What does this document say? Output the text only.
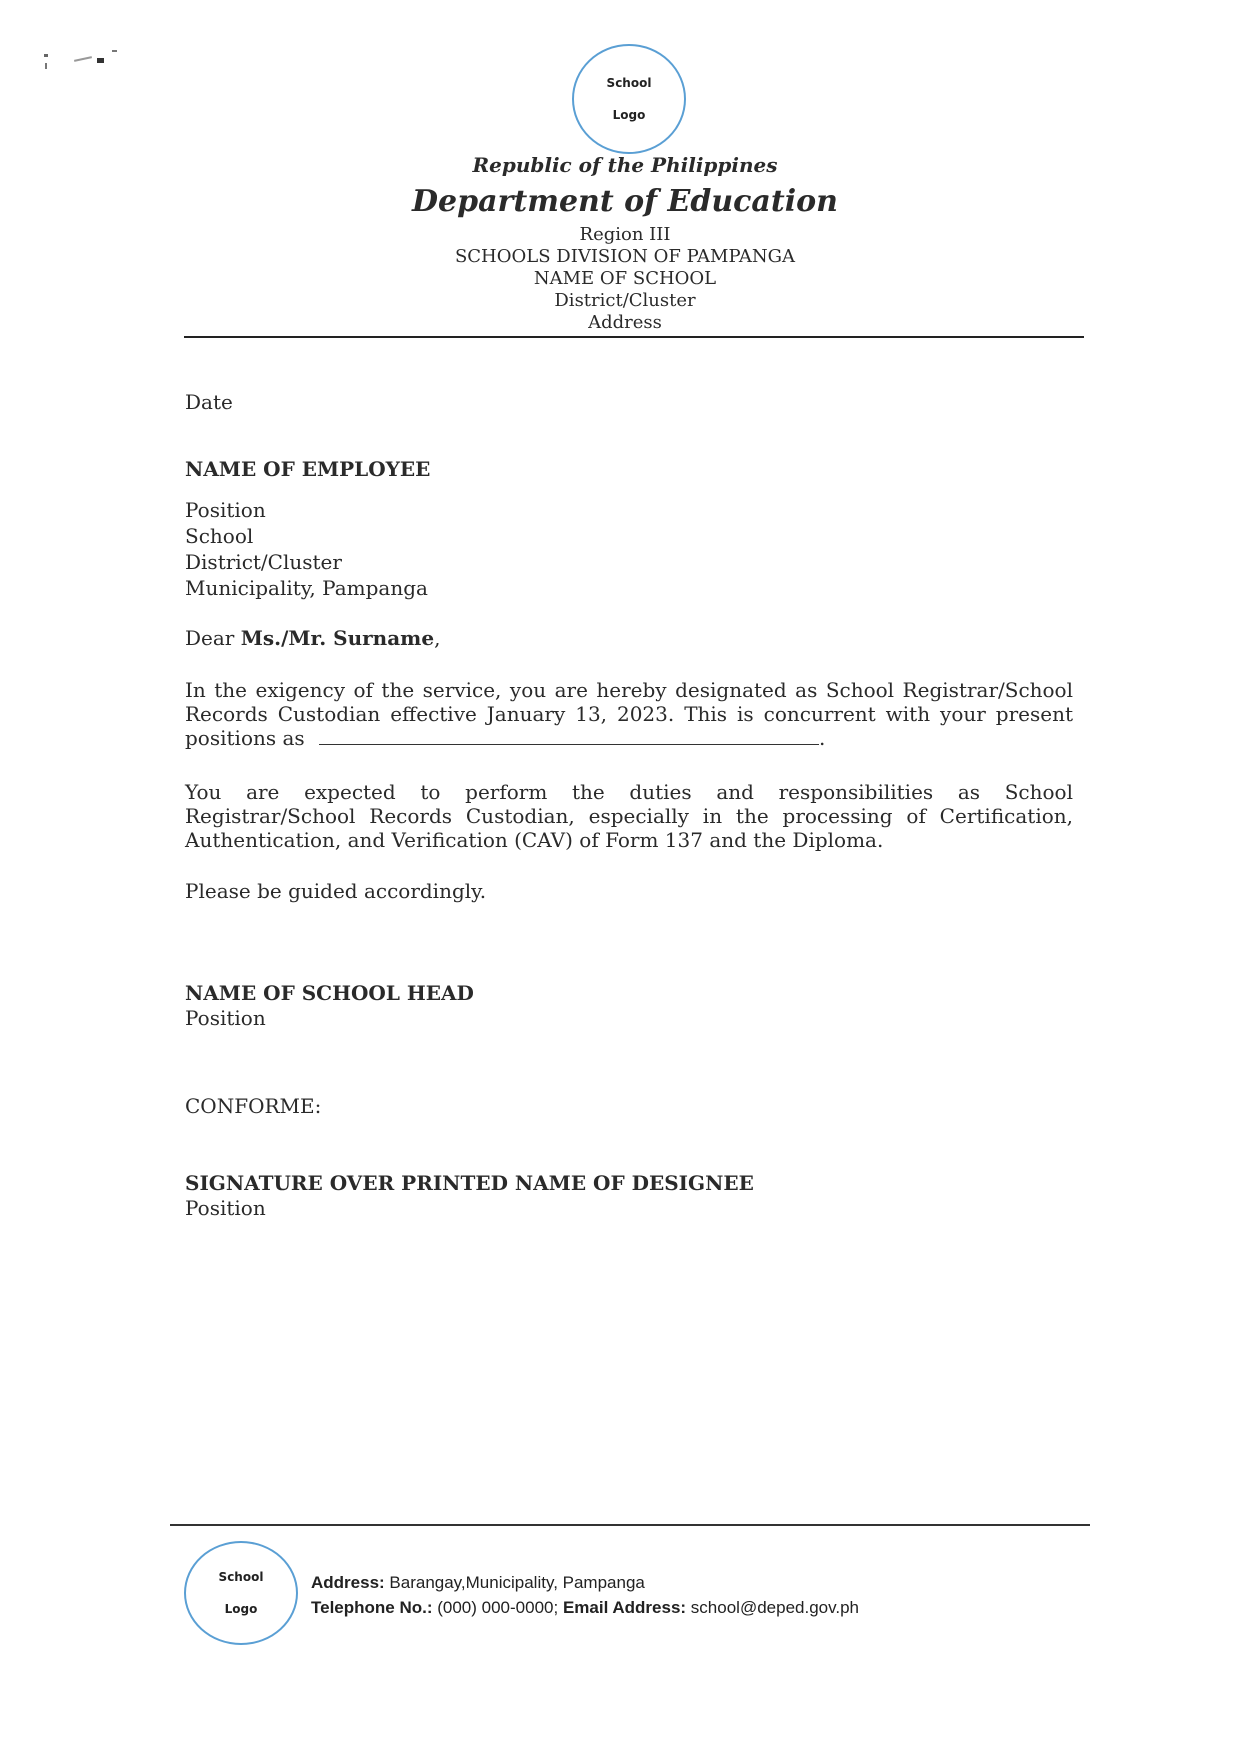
School
Logo
Republic of the Philippines
Department of Education
Region III
SCHOOLS DIVISION OF PAMPANGA
NAME OF SCHOOL
District/Cluster
Address
Date
NAME OF EMPLOYEE
Position
School
District/Cluster
Municipality, Pampanga
Dear Ms./Mr. Surname,
In the exigency of the service, you are hereby designated as School Registrar/School
Records Custodian effective January 13, 2023. This is concurrent with your present
positions as	.
You are expected to perform the duties and responsibilities as School
Registrar/School Records Custodian, especially in the processing of Certification,
Authentication, and Verification (CAV) of Form 137 and the Diploma.
Please be guided accordingly.
NAME OF SCHOOL HEAD
Position
CONFORME:
SIGNATURE OVER PRINTED NAME OF DESIGNEE
Position
School
Logo
Address: Barangay,Municipality, Pampanga
Telephone No.: (000) 000-0000; Email Address: school@deped.gov.ph
